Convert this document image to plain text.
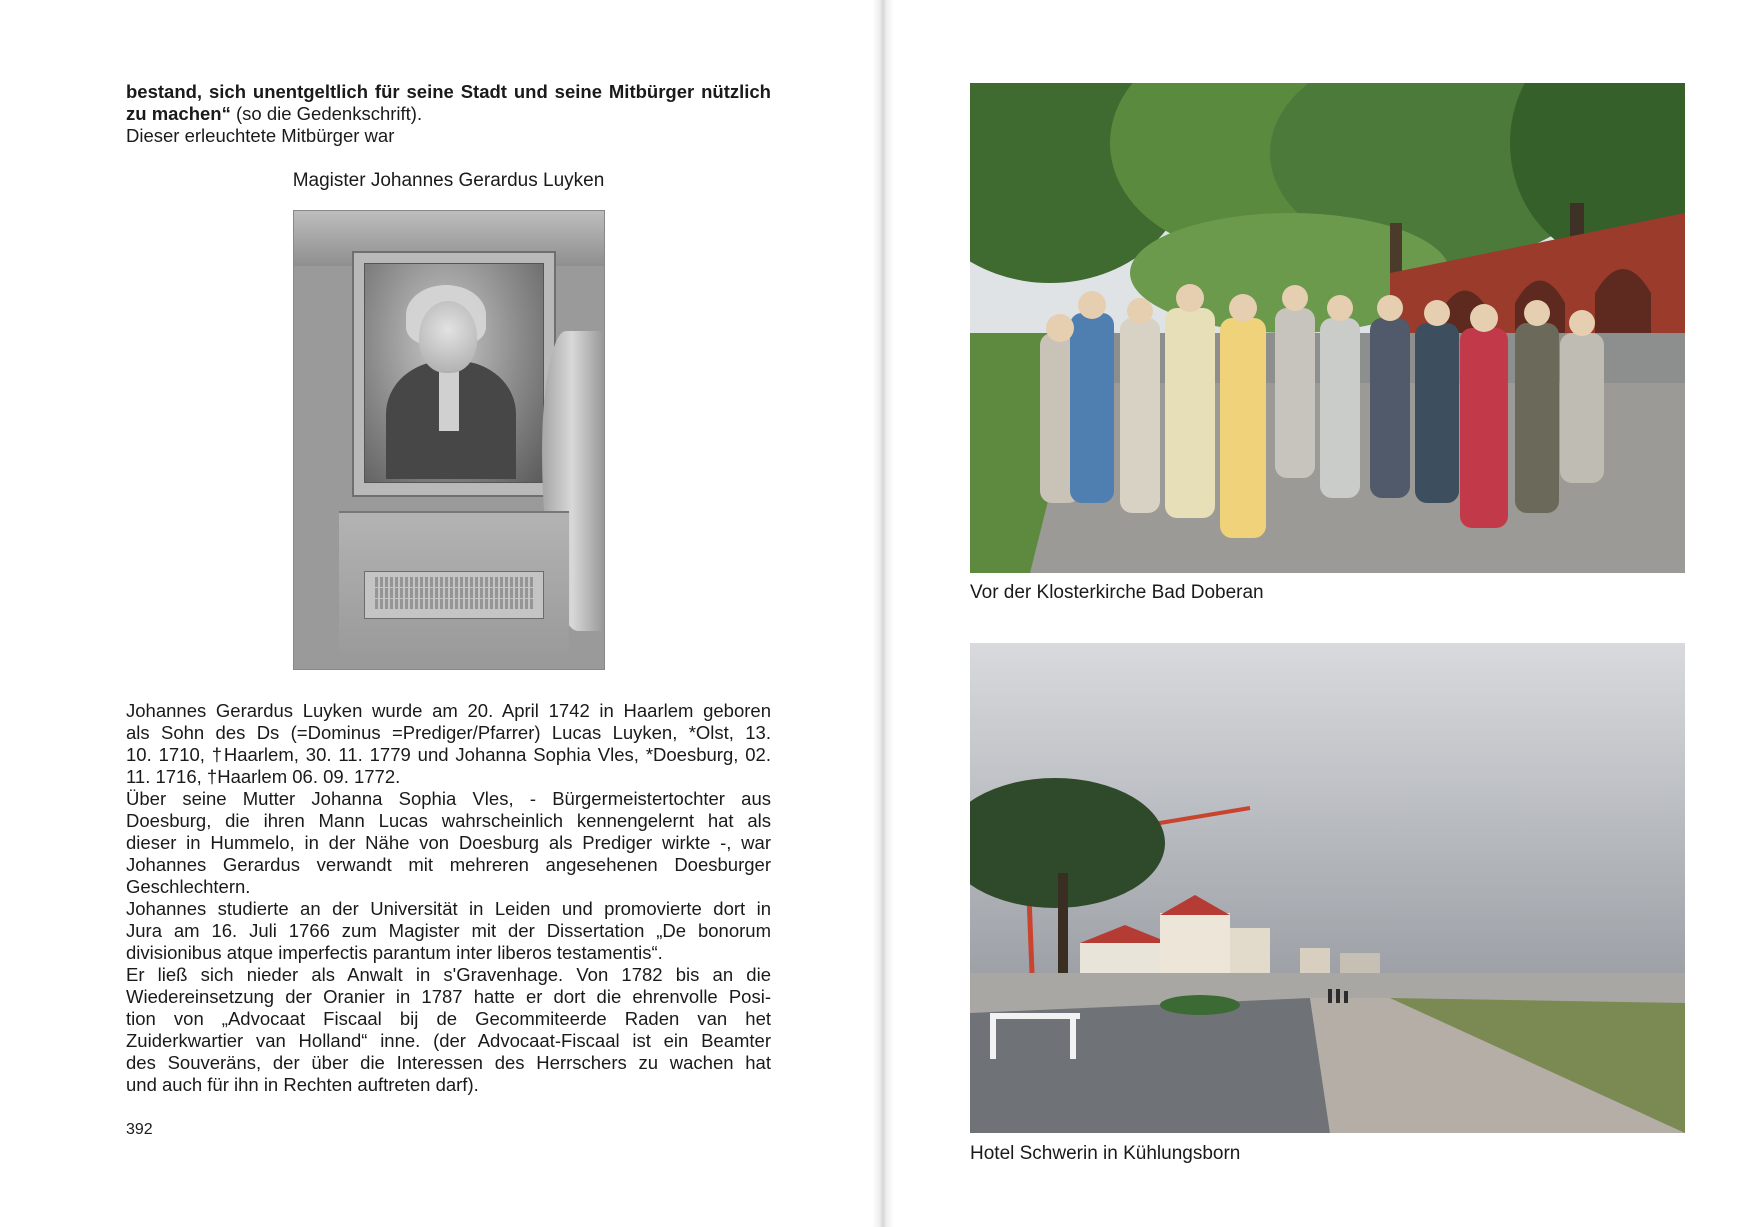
bestand, sich unentgeltlich für seine Stadt und seine Mitbürger nützlich zu machen“ (so die Gedenkschrift).
Dieser erleuchtete Mitbürger war
Magister Johannes Gerardus Luyken
Johannes Gerardus Luyken wurde am 20. April 1742 in Haarlem geboren
als Sohn des Ds (=Dominus =Prediger/Pfarrer) Lucas Luyken, *Olst, 13.
10. 1710, †Haarlem, 30. 11. 1779 und Johanna Sophia Vles, *Doesburg, 02.
11. 1716, †Haarlem 06. 09. 1772.
Über seine Mutter Johanna Sophia Vles, - Bürgermeistertochter aus
Doesburg, die ihren Mann Lucas wahrscheinlich kennengelernt hat als
dieser in Hummelo, in der Nähe von Doesburg als Prediger wirkte -, war
Johannes Gerardus verwandt mit mehreren angesehenen Doesburger
Geschlechtern.
Johannes studierte an der Universität in Leiden und promovierte dort in
Jura am 16. Juli 1766 zum Magister mit der Dissertation „De bonorum
divisionibus atque imperfectis parantum inter liberos testamentis“.
Er ließ sich nieder als Anwalt in s'Gravenhage. Von 1782 bis an die
Wiedereinsetzung der Oranier in 1787 hatte er dort die ehrenvolle Posi-
tion von „Advocaat Fiscaal bij de Gecommiteerde Raden van het
Zuiderkwartier van Holland“ inne. (der Advocaat-Fiscaal ist ein Beamter
des Souveräns, der über die Interessen des Herrschers zu wachen hat
und auch für ihn in Rechten auftreten darf).
392
Vor der Klosterkirche Bad Doberan
Hotel Schwerin in Kühlungsborn
